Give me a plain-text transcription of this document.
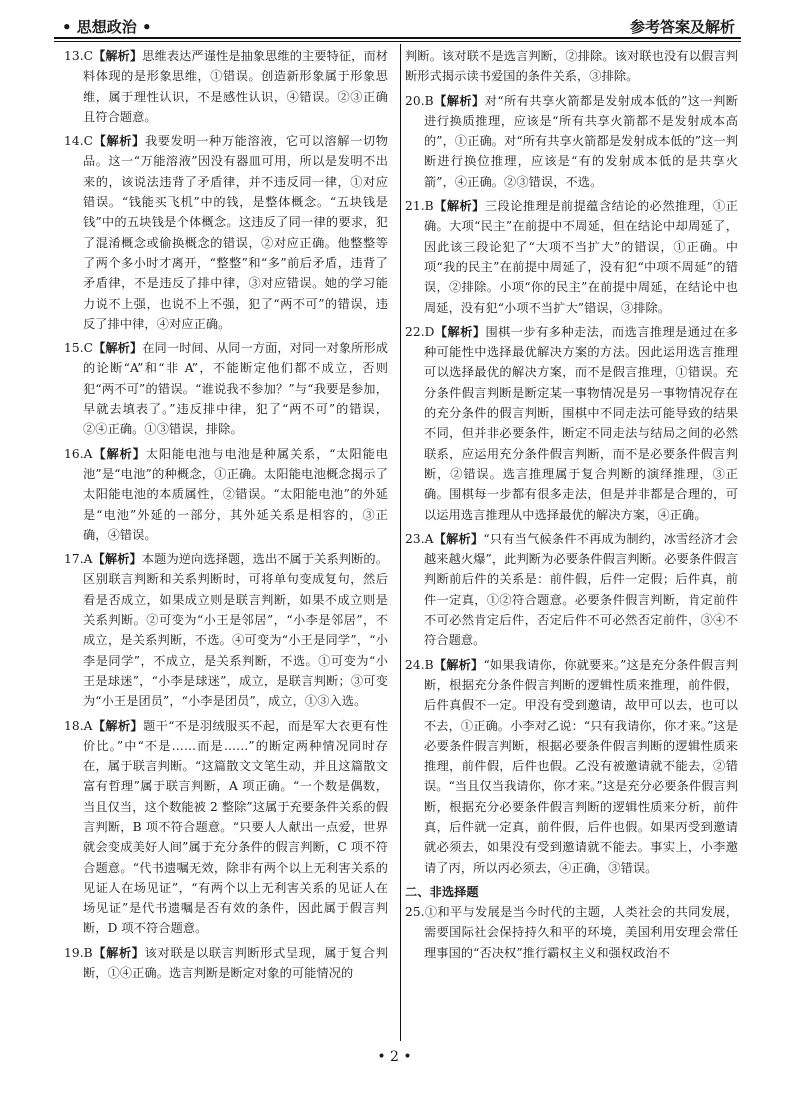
• 思想政治 •	参考答案及解析

13.C【解析】思维表达严谨性是抽象思维的主要特征，而材料体现的是形象思维，①错误。创造新形象属于形象思维，属于理性认识，不是感性认识，④错误。②③正确且符合题意。

14.C【解析】我要发明一种万能溶液，它可以溶解一切物品。这一“万能溶液”因没有器皿可用，所以是发明不出来的，该说法违背了矛盾律，并不违反同一律，①对应错误。“钱能买飞机”中的钱，是整体概念。“五块钱是钱”中的五块钱是个体概念。这违反了同一律的要求，犯了混淆概念或偷换概念的错误，②对应正确。他整整等了两个多小时才离开，“整整”和“多”前后矛盾，违背了矛盾律，不是违反了排中律，③对应错误。她的学习能力说不上强，也说不上不强，犯了“两不可”的错误，违反了排中律，④对应正确。

15.C【解析】在同一时间、从同一方面，对同一对象所形成的论断“A”和“非 A”，不能断定他们都不成立，否则犯“两不可”的错误。“谁说我不参加？”与“我要是参加，早就去填表了。”违反排中律，犯了“两不可”的错误，②④正确。①③错误，排除。

16.A【解析】太阳能电池与电池是种属关系，“太阳能电池”是“电池”的种概念，①正确。太阳能电池概念揭示了太阳能电池的本质属性，②错误。“太阳能电池”的外延是“电池”外延的一部分，其外延关系是相容的，③正确，④错误。

17.A【解析】本题为逆向选择题，选出不属于关系判断的。区别联言判断和关系判断时，可将单句变成复句，然后看是否成立，如果成立则是联言判断，如果不成立则是关系判断。②可变为“小王是邻居”，“小李是邻居”，不成立，是关系判断，不选。④可变为“小王是同学”，“小李是同学”，不成立，是关系判断，不选。①可变为“小王是球迷”，“小李是球迷”，成立，是联言判断；③可变为“小王是团员”，“小李是团员”，成立，①③入选。

18.A【解析】题干“不是羽绒服买不起，而是军大衣更有性价比。”中“不是……而是……”的断定两种情况同时存在，属于联言判断。“这篇散文文笔生动，并且这篇散文富有哲理”属于联言判断，A 项正确。“一个数是偶数，当且仅当，这个数能被 2 整除”这属于充要条件关系的假言判断，B 项不符合题意。“只要人人献出一点爱，世界就会变成美好人间”属于充分条件的假言判断，C 项不符合题意。“代书遗嘱无效，除非有两个以上无利害关系的见证人在场见证”，“有两个以上无利害关系的见证人在场见证”是代书遗嘱是否有效的条件，因此属于假言判断，D 项不符合题意。

19.B【解析】该对联是以联言判断形式呈现，属于复合判断，①④正确。选言判断是断定对象的可能情况的

判断。该对联不是选言判断，②排除。该对联也没有以假言判断形式揭示读书爱国的条件关系，③排除。

20.B【解析】对“所有共享火箭都是发射成本低的”这一判断进行换质推理，应该是“所有共享火箭都不是发射成本高的”，①正确。对“所有共享火箭都是发射成本低的”这一判断进行换位推理，应该是“有的发射成本低的是共享火箭”，④正确。②③错误，不选。

21.B【解析】三段论推理是前提蕴含结论的必然推理，①正确。大项“民主”在前提中不周延，但在结论中却周延了，因此该三段论犯了“大项不当扩大”的错误，①正确。中项“我的民主”在前提中周延了，没有犯“中项不周延”的错误，②排除。小项“你的民主”在前提中周延，在结论中也周延，没有犯“小项不当扩大”错误，③排除。

22.D【解析】围棋一步有多种走法，而选言推理是通过在多种可能性中选择最优解决方案的方法。因此运用选言推理可以选择最优的解决方案，而不是假言推理，①错误。充分条件假言判断是断定某一事物情况是另一事物情况存在的充分条件的假言判断，围棋中不同走法可能导致的结果不同，但并非必要条件，断定不同走法与结局之间的必然联系，应运用充分条件假言判断，而不是必要条件假言判断，②错误。选言推理属于复合判断的演绎推理，③正确。围棋每一步都有很多走法，但是并非都是合理的，可以运用选言推理从中选择最优的解决方案，④正确。

23.A【解析】“只有当气候条件不再成为制约，冰雪经济才会越来越火爆”，此判断为必要条件假言判断。必要条件假言判断前后件的关系是：前件假，后件一定假；后件真，前件一定真，①②符合题意。必要条件假言判断，肯定前件不可必然肯定后件，否定后件不可必然否定前件，③④不符合题意。

24.B【解析】“如果我请你，你就要来。”这是充分条件假言判断，根据充分条件假言判断的逻辑性质来推理，前件假，后件真假不一定。甲没有受到邀请，故甲可以去，也可以不去，①正确。小李对乙说：“只有我请你，你才来。”这是必要条件假言判断，根据必要条件假言判断的逻辑性质来推理，前件假，后件也假。乙没有被邀请就不能去，②错误。“当且仅当我请你，你才来。”这是充分必要条件假言判断，根据充分必要条件假言判断的逻辑性质来分析，前件真，后件就一定真，前件假，后件也假。如果丙受到邀请就必须去，如果没有受到邀请就不能去。事实上，小李邀请了丙，所以丙必须去，④正确，③错误。

二、非选择题

25.①和平与发展是当今时代的主题，人类社会的共同发展，需要国际社会保持持久和平的环境，美国利用安理会常任理事国的“否决权”推行霸权主义和强权政治不

• 2 •
